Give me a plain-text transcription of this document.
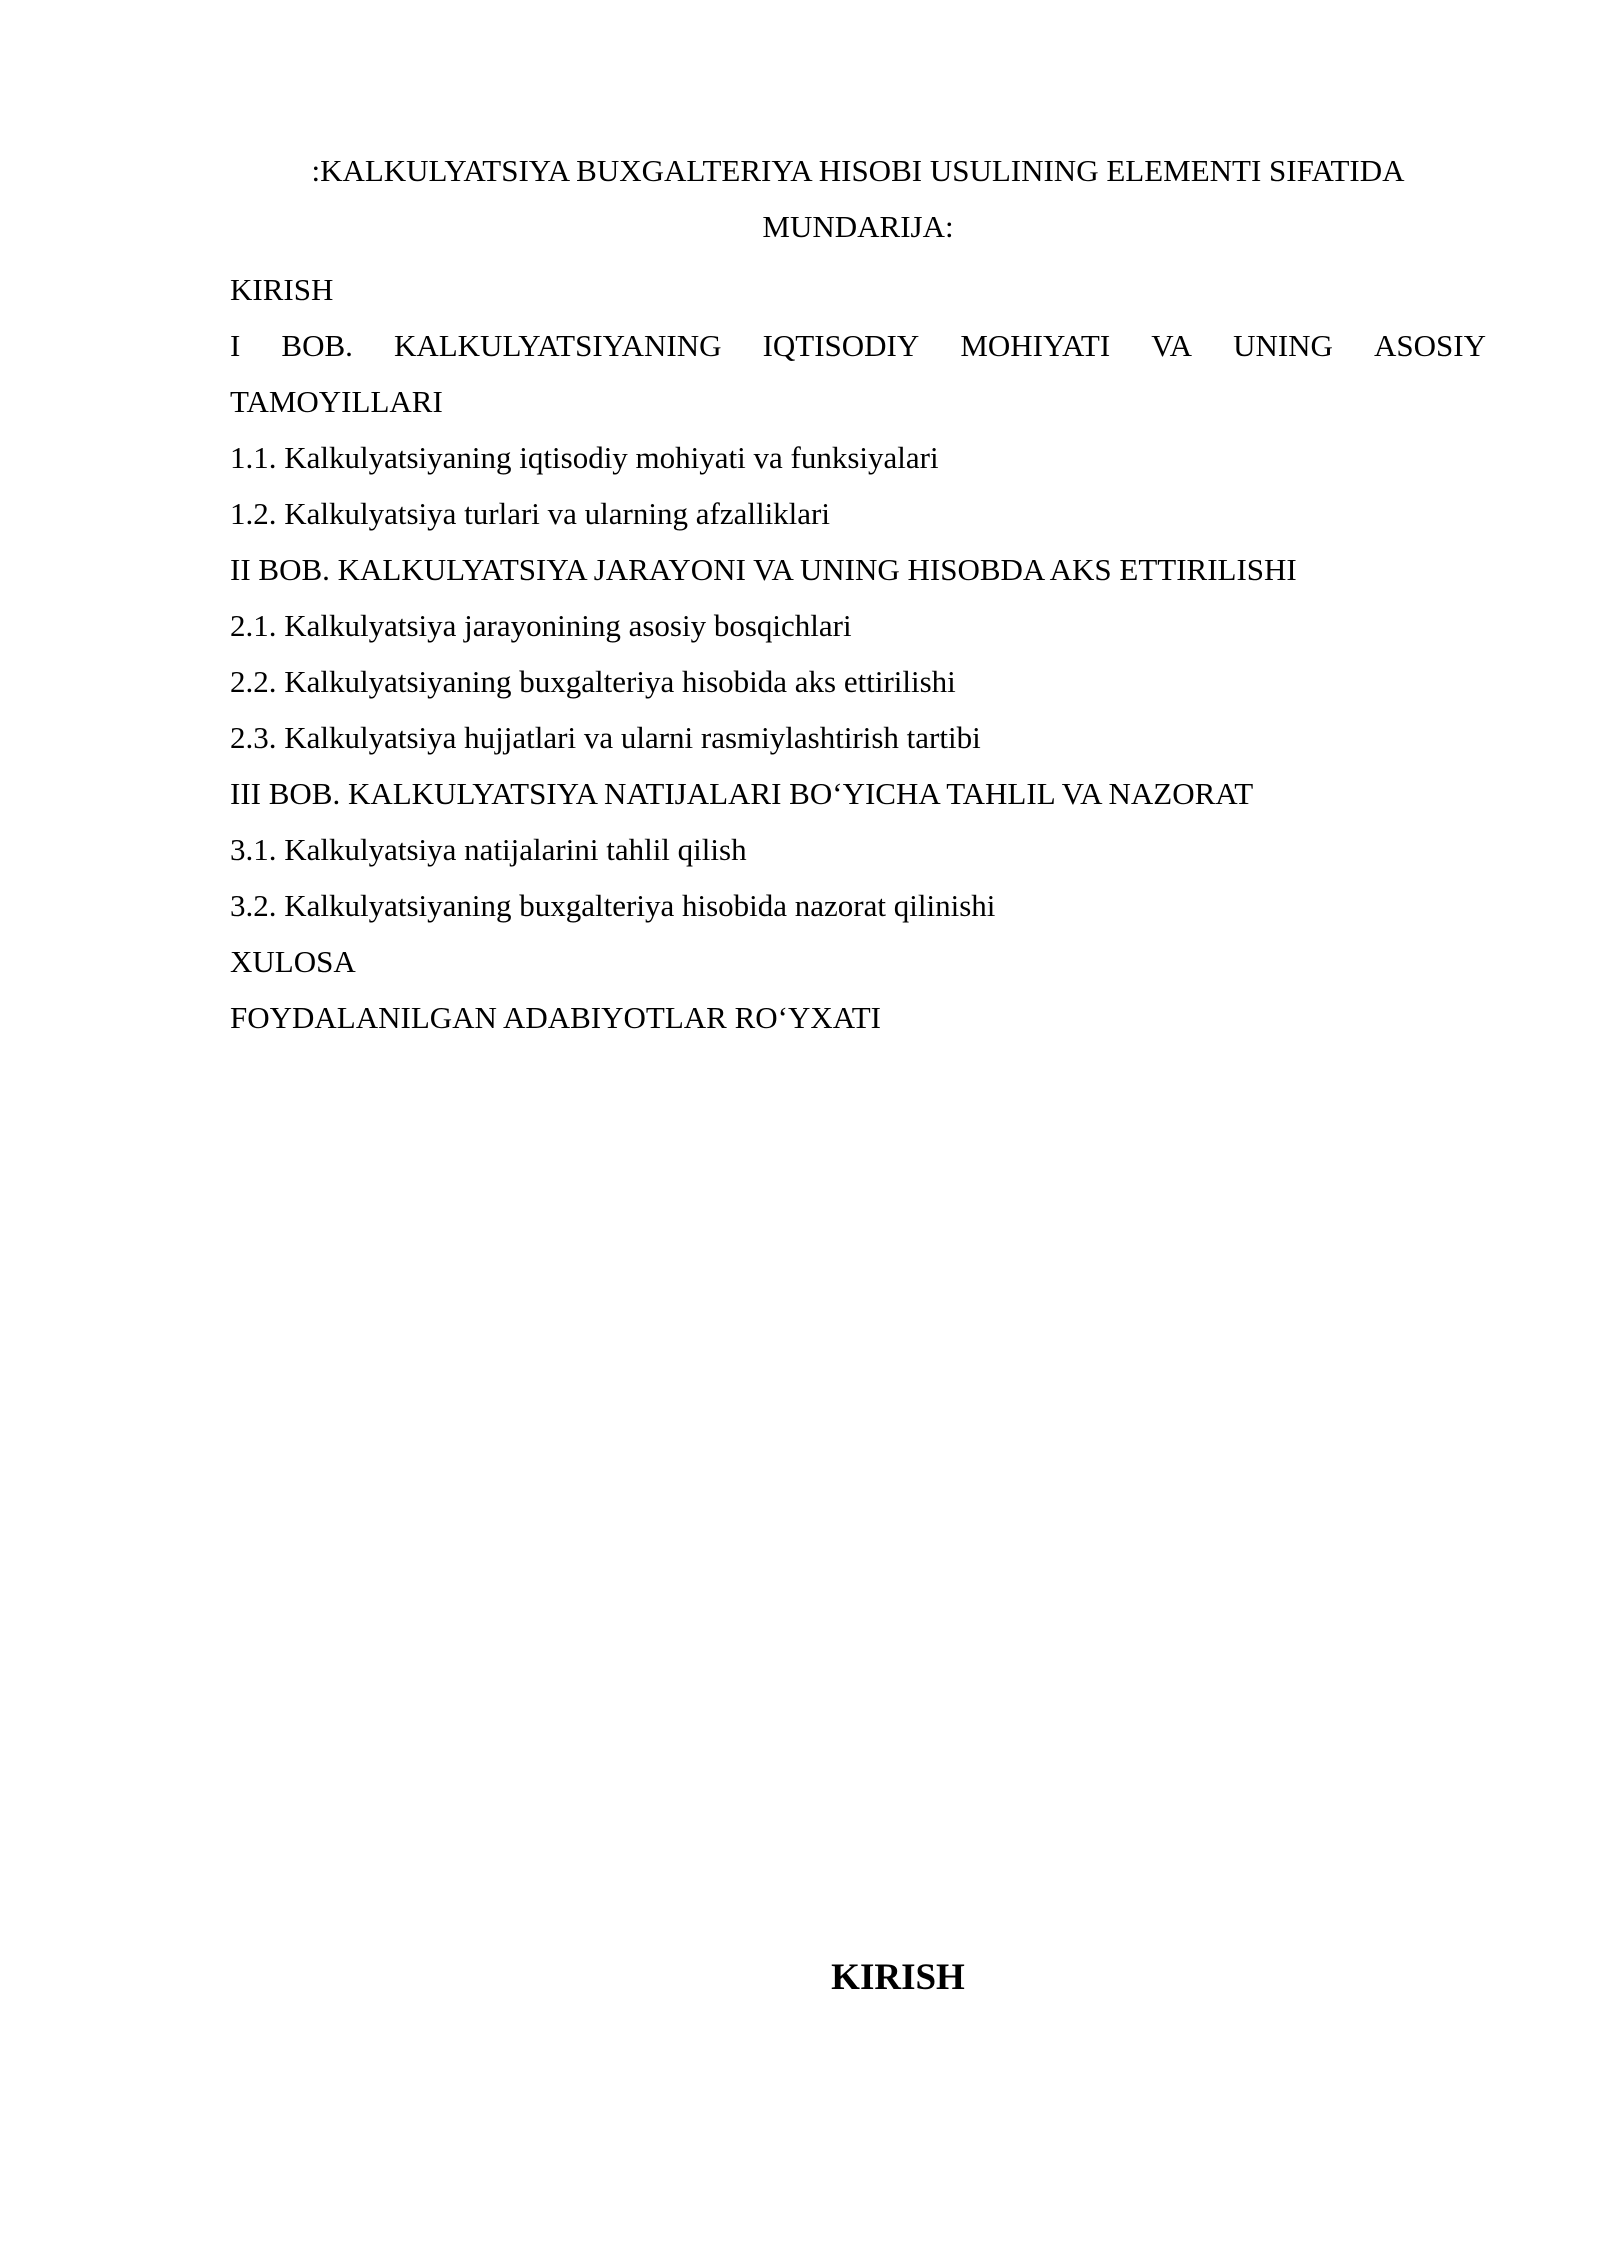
:KALKULYATSIYA BUXGALTERIYA HISOBI USULINING ELEMENTI SIFATIDA
MUNDARIJA:
KIRISH
I BOB. KALKULYATSIYANING IQTISODIY MOHIYATI VA UNING ASOSIY
TAMOYILLARI
1.1. Kalkulyatsiyaning iqtisodiy mohiyati va funksiyalari
1.2. Kalkulyatsiya turlari va ularning afzalliklari
II BOB. KALKULYATSIYA JARAYONI VA UNING HISOBDA AKS ETTIRILISHI
2.1. Kalkulyatsiya jarayonining asosiy bosqichlari
2.2. Kalkulyatsiyaning buxgalteriya hisobida aks ettirilishi
2.3. Kalkulyatsiya hujjatlari va ularni rasmiylashtirish tartibi
III BOB. KALKULYATSIYA NATIJALARI BO‘YICHA TAHLIL VA NAZORAT
3.1. Kalkulyatsiya natijalarini tahlil qilish
3.2. Kalkulyatsiyaning buxgalteriya hisobida nazorat qilinishi
XULOSA
FOYDALANILGAN ADABIYOTLAR RO‘YXATI
KIRISH
